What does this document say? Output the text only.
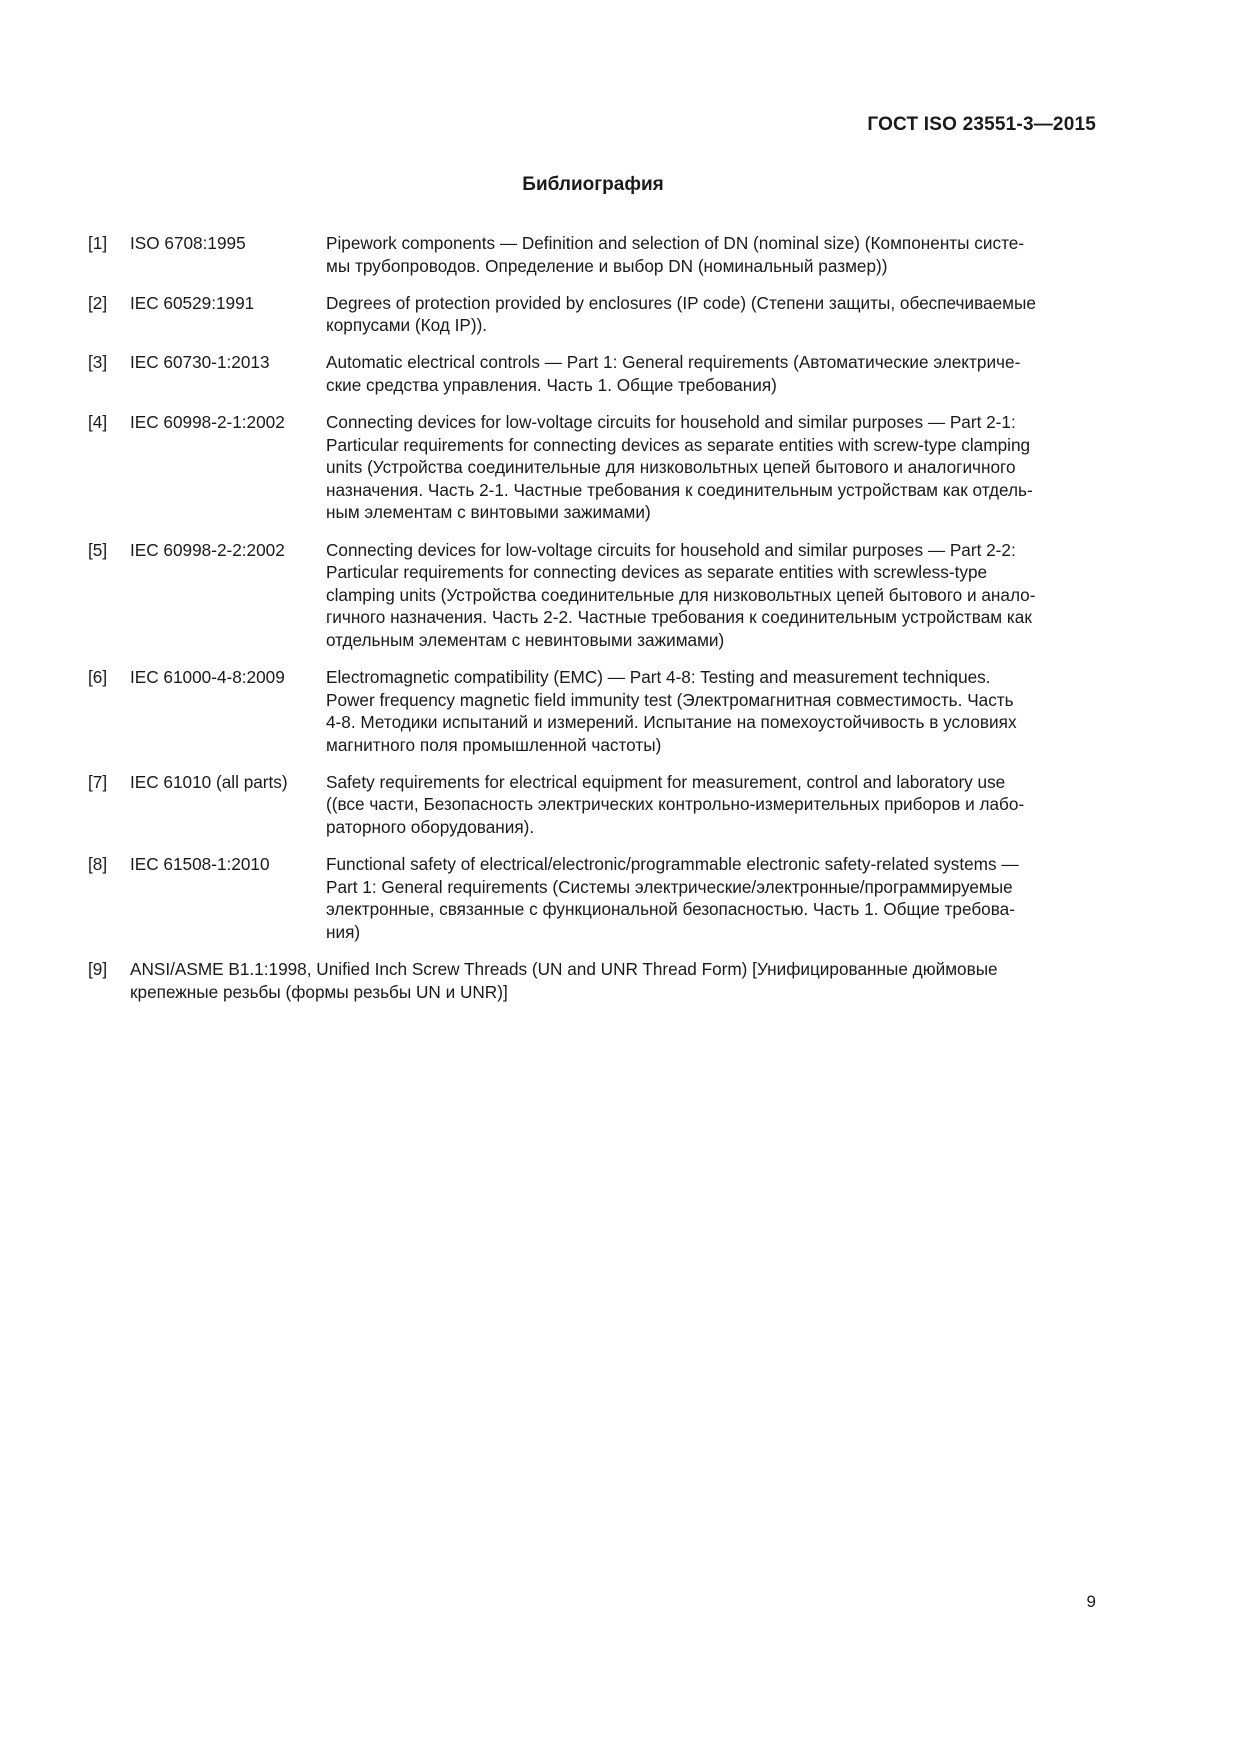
ГОСТ ISO 23551-3—2015
Библиография
[1]	ISO 6708:1995	Pipework components — Definition and selection of DN (nominal size) (Компоненты систе-
мы трубопроводов. Определение и выбор DN (номинальный размер))
[2]	IEC 60529:1991	Degrees of protection provided by enclosures (IP code) (Степени защиты, обеспечиваемые
корпусами (Код IP)).
[3]	IEC 60730-1:2013	Automatic electrical controls — Part 1: General requirements (Автоматические электриче-
ские средства управления. Часть 1. Общие требования)
[4]	IEC 60998-2-1:2002	Connecting devices for low-voltage circuits for household and similar purposes — Part 2-1:
Particular requirements for connecting devices as separate entities with screw-type clamping
units (Устройства соединительные для низковольтных цепей бытового и аналогичного
назначения. Часть 2-1. Частные требования к соединительным устройствам как отдель-
ным элементам с винтовыми зажимами)
[5]	IEC 60998-2-2:2002	Connecting devices for low-voltage circuits for household and similar purposes — Part 2-2:
Particular requirements for connecting devices as separate entities with screwless-type
clamping units (Устройства соединительные для низковольтных цепей бытового и анало-
гичного назначения. Часть 2-2. Частные требования к соединительным устройствам как
отдельным элементам с невинтовыми зажимами)
[6]	IEC 61000-4-8:2009	Electromagnetic compatibility (EMC) — Part 4-8: Testing and measurement techniques.
Power frequency magnetic field immunity test (Электромагнитная совместимость. Часть
4-8. Методики испытаний и измерений. Испытание на помехоустойчивость в условиях
магнитного поля промышленной частоты)
[7]	IEC 61010 (all parts)	Safety requirements for electrical equipment for measurement, control and laboratory use
((все части, Безопасность электрических контрольно-измерительных приборов и лабо-
раторного оборудования).
[8]	IEC 61508-1:2010	Functional safety of electrical/electronic/programmable electronic safety-related systems —
Part 1: General requirements (Системы электрические/электронные/программируемые
электронные, связанные с функциональной безопасностью. Часть 1. Общие требова-
ния)
[9]	ANSI/ASME B1.1:1998, Unified Inch Screw Threads (UN and UNR Thread Form) [Унифицированные дюймовые
крепежные резьбы (формы резьбы UN и UNR)]
9
